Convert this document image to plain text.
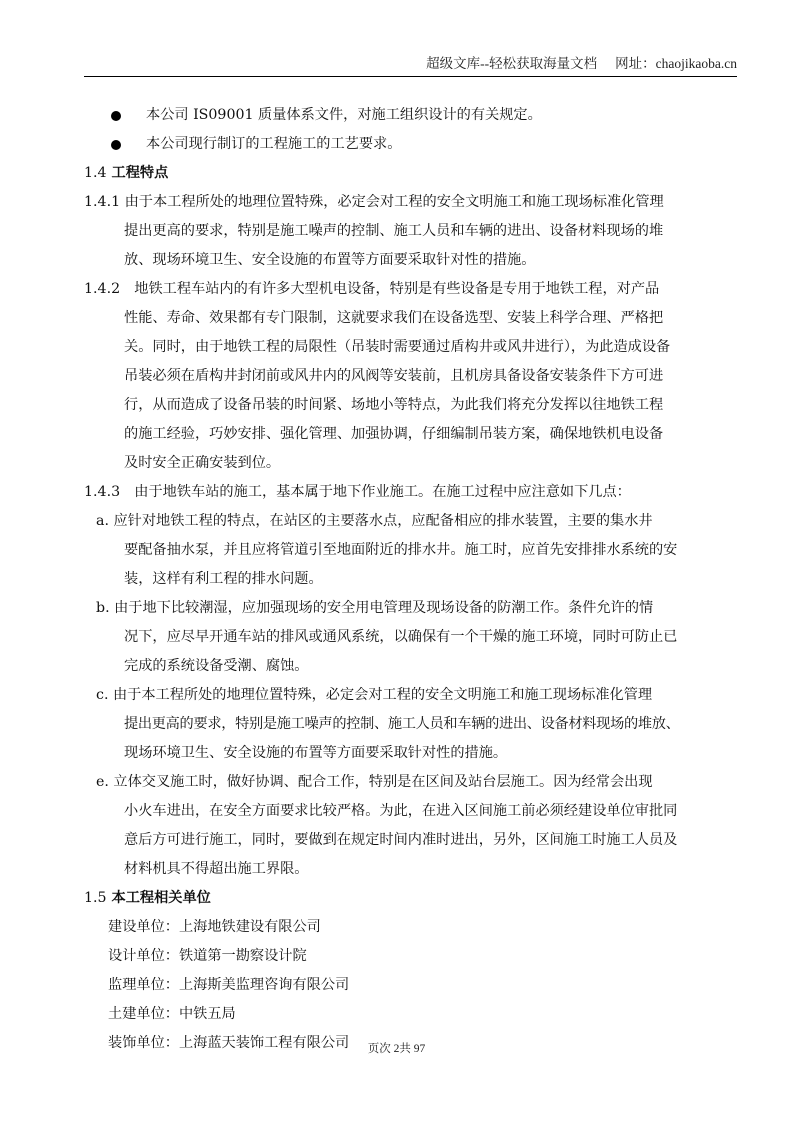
超级文库--轻松获取海量文档 网址：chaojikaoba.cn
本公司 IS09001 质量体系文件，对施工组织设计的有关规定。
本公司现行制订的工程施工的工艺要求。
1.4 工程特点
1.4.1 由于本工程所处的地理位置特殊，必定会对工程的安全文明施工和施工现场标准化管理
提出更高的要求，特别是施工噪声的控制、施工人员和车辆的进出、设备材料现场的堆
放、现场环境卫生、安全设施的布置等方面要采取针对性的措施。
1.4.2　地铁工程车站内的有许多大型机电设备，特别是有些设备是专用于地铁工程，对产品
性能、寿命、效果都有专门限制，这就要求我们在设备选型、安装上科学合理、严格把
关。同时，由于地铁工程的局限性（吊装时需要通过盾构井或风井进行），为此造成设备
吊装必须在盾构井封闭前或风井内的风阀等安装前，且机房具备设备安装条件下方可进
行，从而造成了设备吊装的时间紧、场地小等特点，为此我们将充分发挥以往地铁工程
的施工经验，巧妙安排、强化管理、加强协调，仔细编制吊装方案，确保地铁机电设备
及时安全正确安装到位。
1.4.3　由于地铁车站的施工，基本属于地下作业施工。在施工过程中应注意如下几点：
a. 应针对地铁工程的特点，在站区的主要落水点，应配备相应的排水装置，主要的集水井
要配备抽水泵，并且应将管道引至地面附近的排水井。施工时，应首先安排排水系统的安
装，这样有利工程的排水问题。
b. 由于地下比较潮湿，应加强现场的安全用电管理及现场设备的防潮工作。条件允许的情
况下，应尽早开通车站的排风或通风系统，以确保有一个干燥的施工环境，同时可防止已
完成的系统设备受潮、腐蚀。
c. 由于本工程所处的地理位置特殊，必定会对工程的安全文明施工和施工现场标准化管理
提出更高的要求，特别是施工噪声的控制、施工人员和车辆的进出、设备材料现场的堆放、
现场环境卫生、安全设施的布置等方面要采取针对性的措施。
e. 立体交叉施工时，做好协调、配合工作，特别是在区间及站台层施工。因为经常会出现
小火车进出，在安全方面要求比较严格。为此，在进入区间施工前必须经建设单位审批同
意后方可进行施工，同时，要做到在规定时间内准时进出，另外，区间施工时施工人员及
材料机具不得超出施工界限。
1.5 本工程相关单位
建设单位：上海地铁建设有限公司
设计单位：铁道第一勘察设计院
监理单位：上海斯美监理咨询有限公司
土建单位：中铁五局
装饰单位：上海蓝天装饰工程有限公司	页次 2共 97
